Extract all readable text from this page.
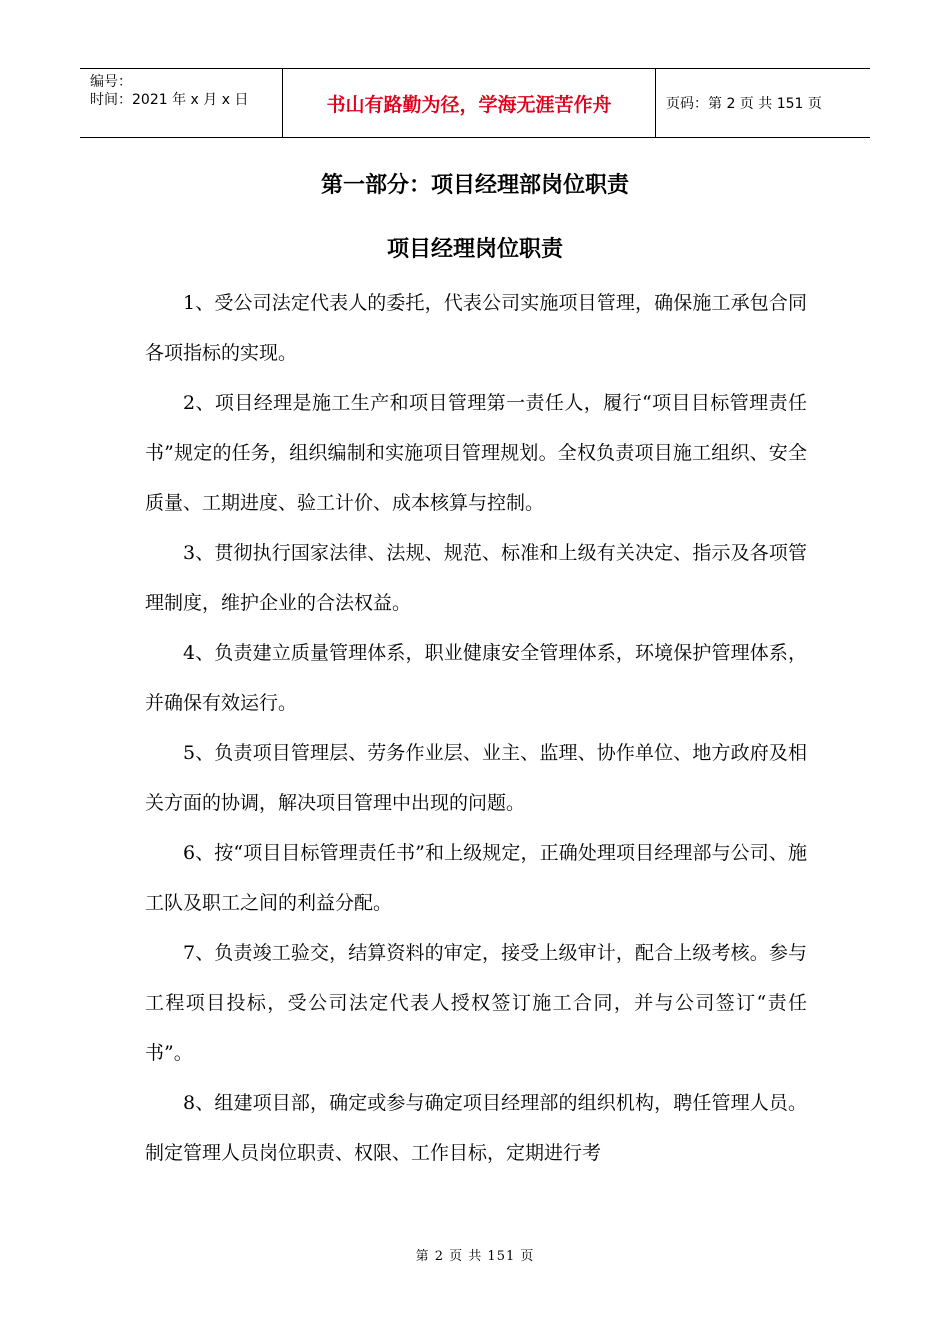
编号：
时间：2021 年 x 月 x 日	书山有路勤为径，学海无涯苦作舟	页码：第 2 页 共 151 页
第一部分：项目经理部岗位职责
项目经理岗位职责

1、受公司法定代表人的委托，代表公司实施项目管理，确保施工承包合同各项指标的实现。

2、项目经理是施工生产和项目管理第一责任人，履行“项目目标管理责任书”规定的任务，组织编制和实施项目管理规划。全权负责项目施工组织、安全质量、工期进度、验工计价、成本核算与控制。

3、贯彻执行国家法律、法规、规范、标准和上级有关决定、指示及各项管理制度，维护企业的合法权益。

4、负责建立质量管理体系，职业健康安全管理体系，环境保护管理体系，并确保有效运行。

5、负责项目管理层、劳务作业层、业主、监理、协作单位、地方政府及相关方面的协调，解决项目管理中出现的问题。

6、按“项目目标管理责任书”和上级规定，正确处理项目经理部与公司、施工队及职工之间的利益分配。

7、负责竣工验交，结算资料的审定，接受上级审计，配合上级考核。参与工程项目投标，受公司法定代表人授权签订施工合同，并与公司签订“责任书”。

8、组建项目部，确定或参与确定项目经理部的组织机构，聘任管理人员。制定管理人员岗位职责、权限、工作目标，定期进行考

第 2 页 共 151 页
